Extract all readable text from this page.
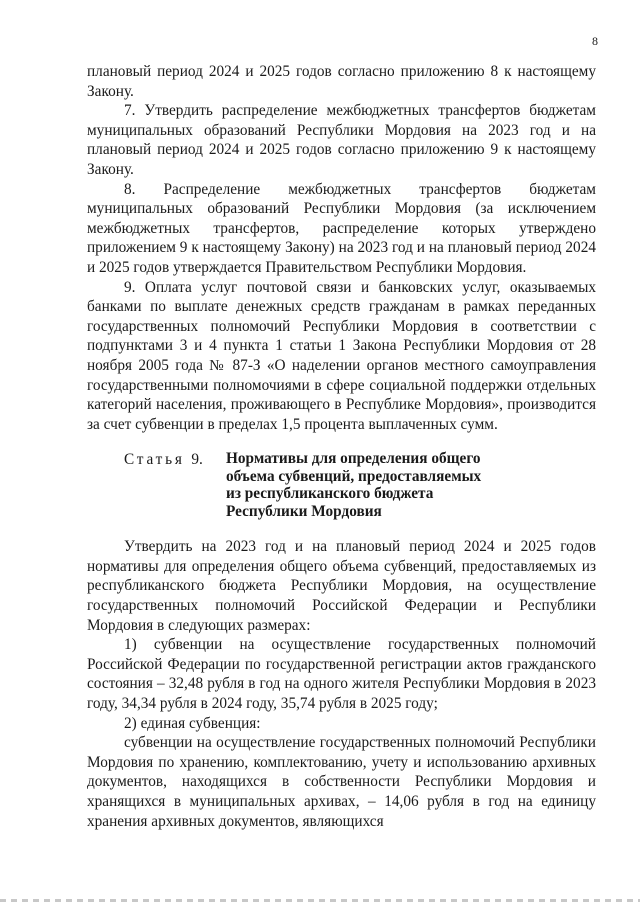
8

плановый период 2024 и 2025 годов согласно приложению 8 к настоящему Закону.

7. Утвердить распределение межбюджетных трансфертов бюджетам муниципальных образований Республики Мордовия на 2023 год и на плановый период 2024 и 2025 годов согласно приложению 9 к настоящему Закону.

8. Распределение межбюджетных трансфертов бюджетам муниципальных образований Республики Мордовия (за исключением межбюджетных трансфертов, распределение которых утверждено приложением 9 к настоящему Закону) на 2023 год и на плановый период 2024 и 2025 годов утверждается Правительством Республики Мордовия.

9. Оплата услуг почтовой связи и банковских услуг, оказываемых банками по выплате денежных средств гражданам в рамках переданных государственных полномочий Республики Мордовия в соответствии с подпунктами 3 и 4 пункта 1 статьи 1 Закона Республики Мордовия от 28 ноября 2005 года № 87-З «О наделении органов местного самоуправления государственными полномочиями в сфере социальной поддержки отдельных категорий населения, проживающего в Республике Мордовия», производится за счет субвенции в пределах 1,5 процента выплаченных сумм.

Статья 9.	Нормативы для определения общего
объема субвенций, предоставляемых
из республиканского бюджета
Республики Мордовия

Утвердить на 2023 год и на плановый период 2024 и 2025 годов нормативы для определения общего объема субвенций, предоставляемых из республиканского бюджета Республики Мордовия, на осуществление государственных полномочий Российской Федерации и Республики Мордовия в следующих размерах:

1) субвенции на осуществление государственных полномочий Российской Федерации по государственной регистрации актов гражданского состояния – 32,48 рубля в год на одного жителя Республики Мордовия в 2023 году, 34,34 рубля в 2024 году, 35,74 рубля в 2025 году;

2) единая субвенция:

субвенции на осуществление государственных полномочий Республики Мордовия по хранению, комплектованию, учету и использованию архивных документов, находящихся в собственности Республики Мордовия и хранящихся в муниципальных архивах, – 14,06 рубля в год на единицу хранения архивных документов, являющихся
